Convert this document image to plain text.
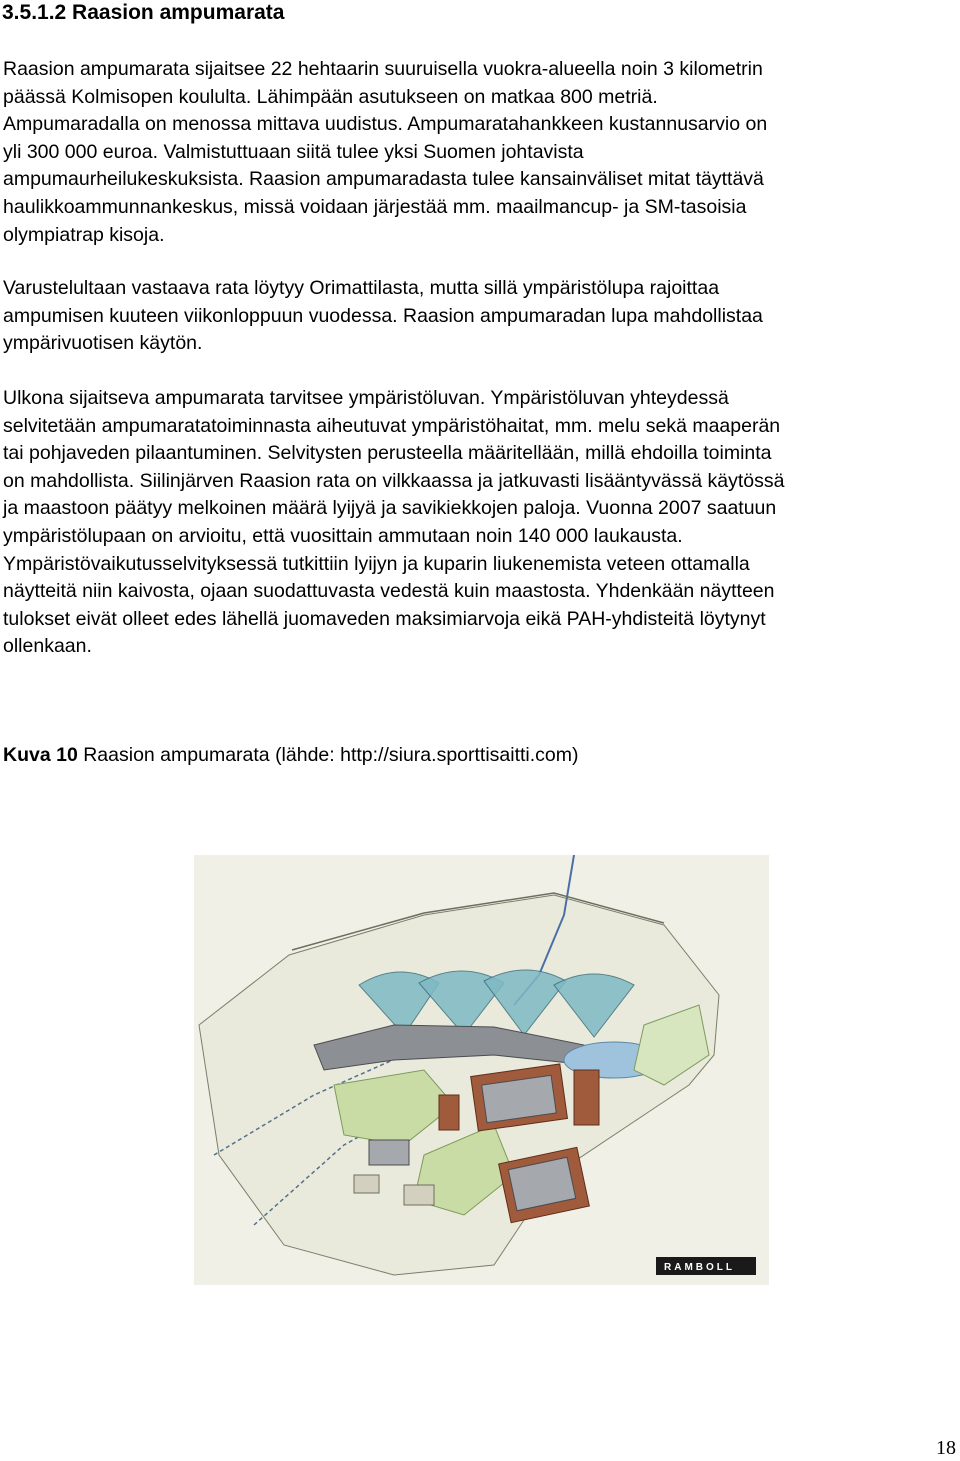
3.5.1.2 Raasion ampumarata
Raasion ampumarata sijaitsee 22 hehtaarin suuruisella vuokra-alueella noin 3 kilometrin
päässä Kolmisopen koululta. Lähimpään asutukseen on matkaa 800 metriä.
Ampumaradalla on menossa mittava uudistus. Ampumaratahankkeen kustannusarvio on
yli 300 000 euroa. Valmistuttuaan siitä tulee yksi Suomen johtavista
ampumaurheilukeskuksista. Raasion ampumaradasta tulee kansainväliset mitat täyttävä
haulikkoammunnankeskus, missä voidaan järjestää mm. maailmancup- ja SM-tasoisia
olympiatrap kisoja.
Varustelultaan vastaava rata löytyy Orimattilasta, mutta sillä ympäristölupa rajoittaa
ampumisen kuuteen viikonloppuun vuodessa. Raasion ampumaradan lupa mahdollistaa
ympärivuotisen käytön.
Ulkona sijaitseva ampumarata tarvitsee ympäristöluvan. Ympäristöluvan yhteydessä
selvitetään ampumaratatoiminnasta aiheutuvat ympäristöhaitat, mm. melu sekä maaperän
tai pohjaveden pilaantuminen. Selvitysten perusteella määritellään, millä ehdoilla toiminta
on mahdollista. Siilinjärven Raasion rata on vilkkaassa ja jatkuvasti lisääntyvässä käytössä
ja maastoon päätyy melkoinen määrä lyijyä ja savikiekkojen paloja. Vuonna 2007 saatuun
ympäristölupaan on arvioitu, että vuosittain ammutaan noin 140 000 laukausta.
Ympäristövaikutusselvityksessä tutkittiin lyijyn ja kuparin liukenemista veteen ottamalla
näytteitä niin kaivosta, ojaan suodattuvasta vedestä kuin maastosta. Yhdenkään näytteen
tulokset eivät olleet edes lähellä juomaveden maksimiarvoja eikä PAH-yhdisteitä löytynyt
ollenkaan.
Kuva 10 Raasion ampumarata (lähde: http://siura.sporttisaitti.com)
RAMBOLL
18
